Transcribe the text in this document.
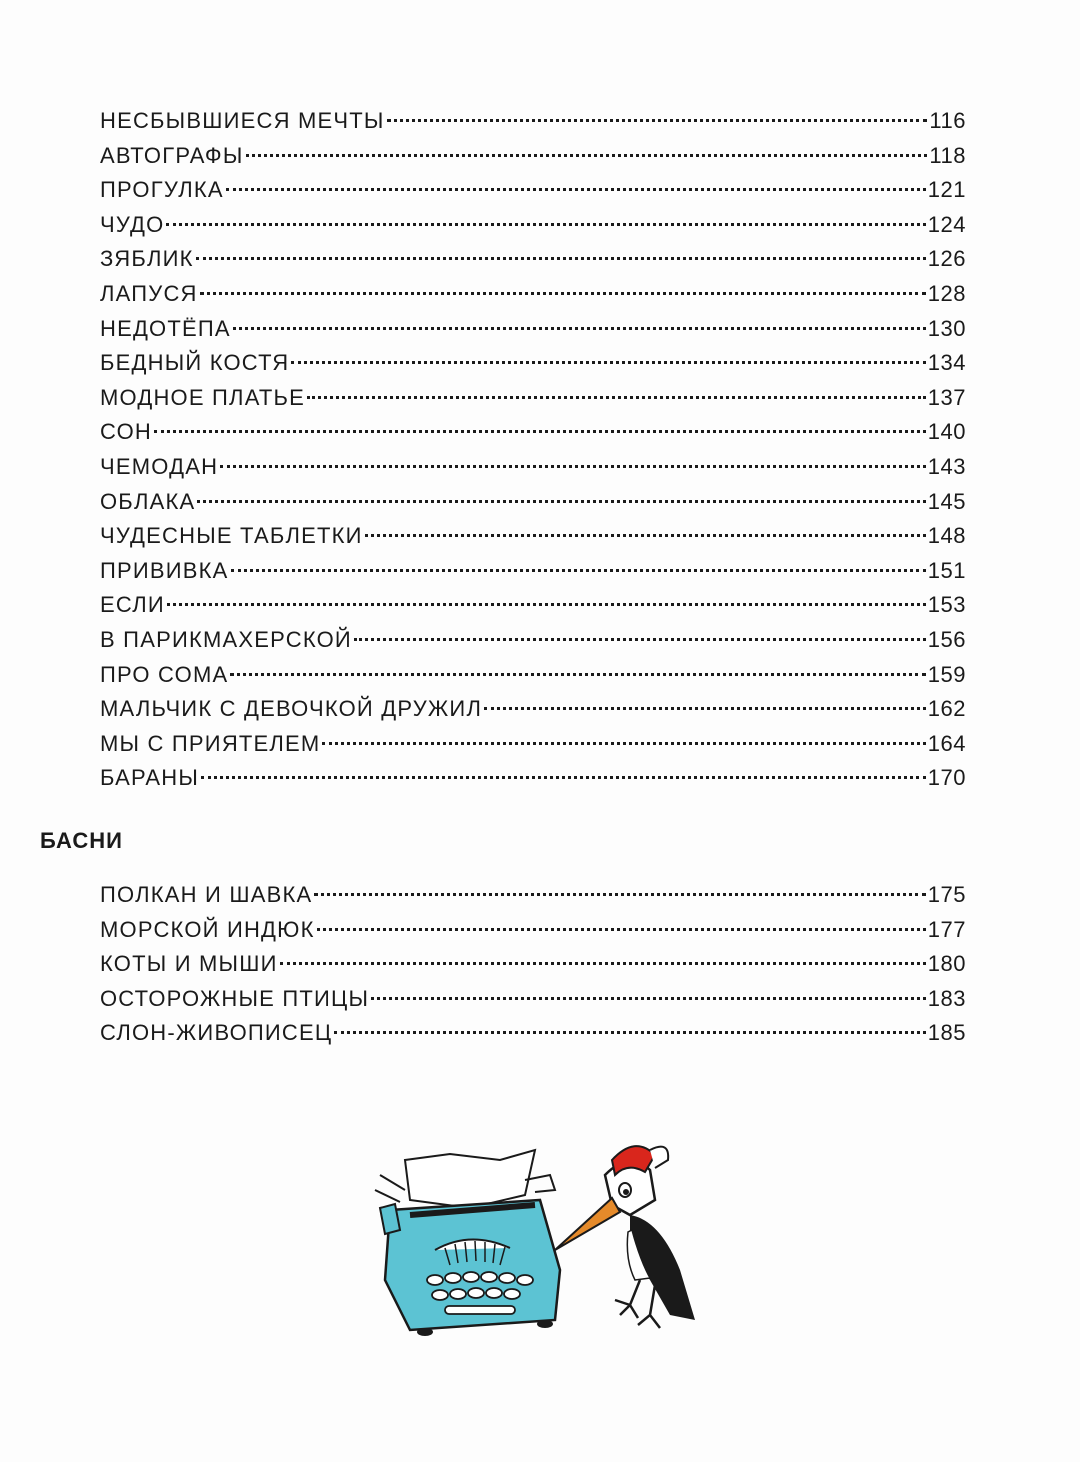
НЕСБЫВШИЕСЯ МЕЧТЫ	116
АВТОГРАФЫ	118
ПРОГУЛКА	121
ЧУДО	124
ЗЯБЛИК	126
ЛАПУСЯ	128
НЕДОТЁПА	130
БЕДНЫЙ КОСТЯ	134
МОДНОЕ ПЛАТЬЕ	137
СОН	140
ЧЕМОДАН	143
ОБЛАКА	145
ЧУДЕСНЫЕ ТАБЛЕТКИ	148
ПРИВИВКА	151
ЕСЛИ	153
В ПАРИКМАХЕРСКОЙ	156
ПРО СОМА	159
МАЛЬЧИК С ДЕВОЧКОЙ ДРУЖИЛ	162
МЫ С ПРИЯТЕЛЕМ	164
БАРАНЫ	170
БАСНИ
ПОЛКАН И ШАВКА	175
МОРСКОЙ ИНДЮК	177
КОТЫ И МЫШИ	180
ОСТОРОЖНЫЕ ПТИЦЫ	183
СЛОН-ЖИВОПИСЕЦ	185
